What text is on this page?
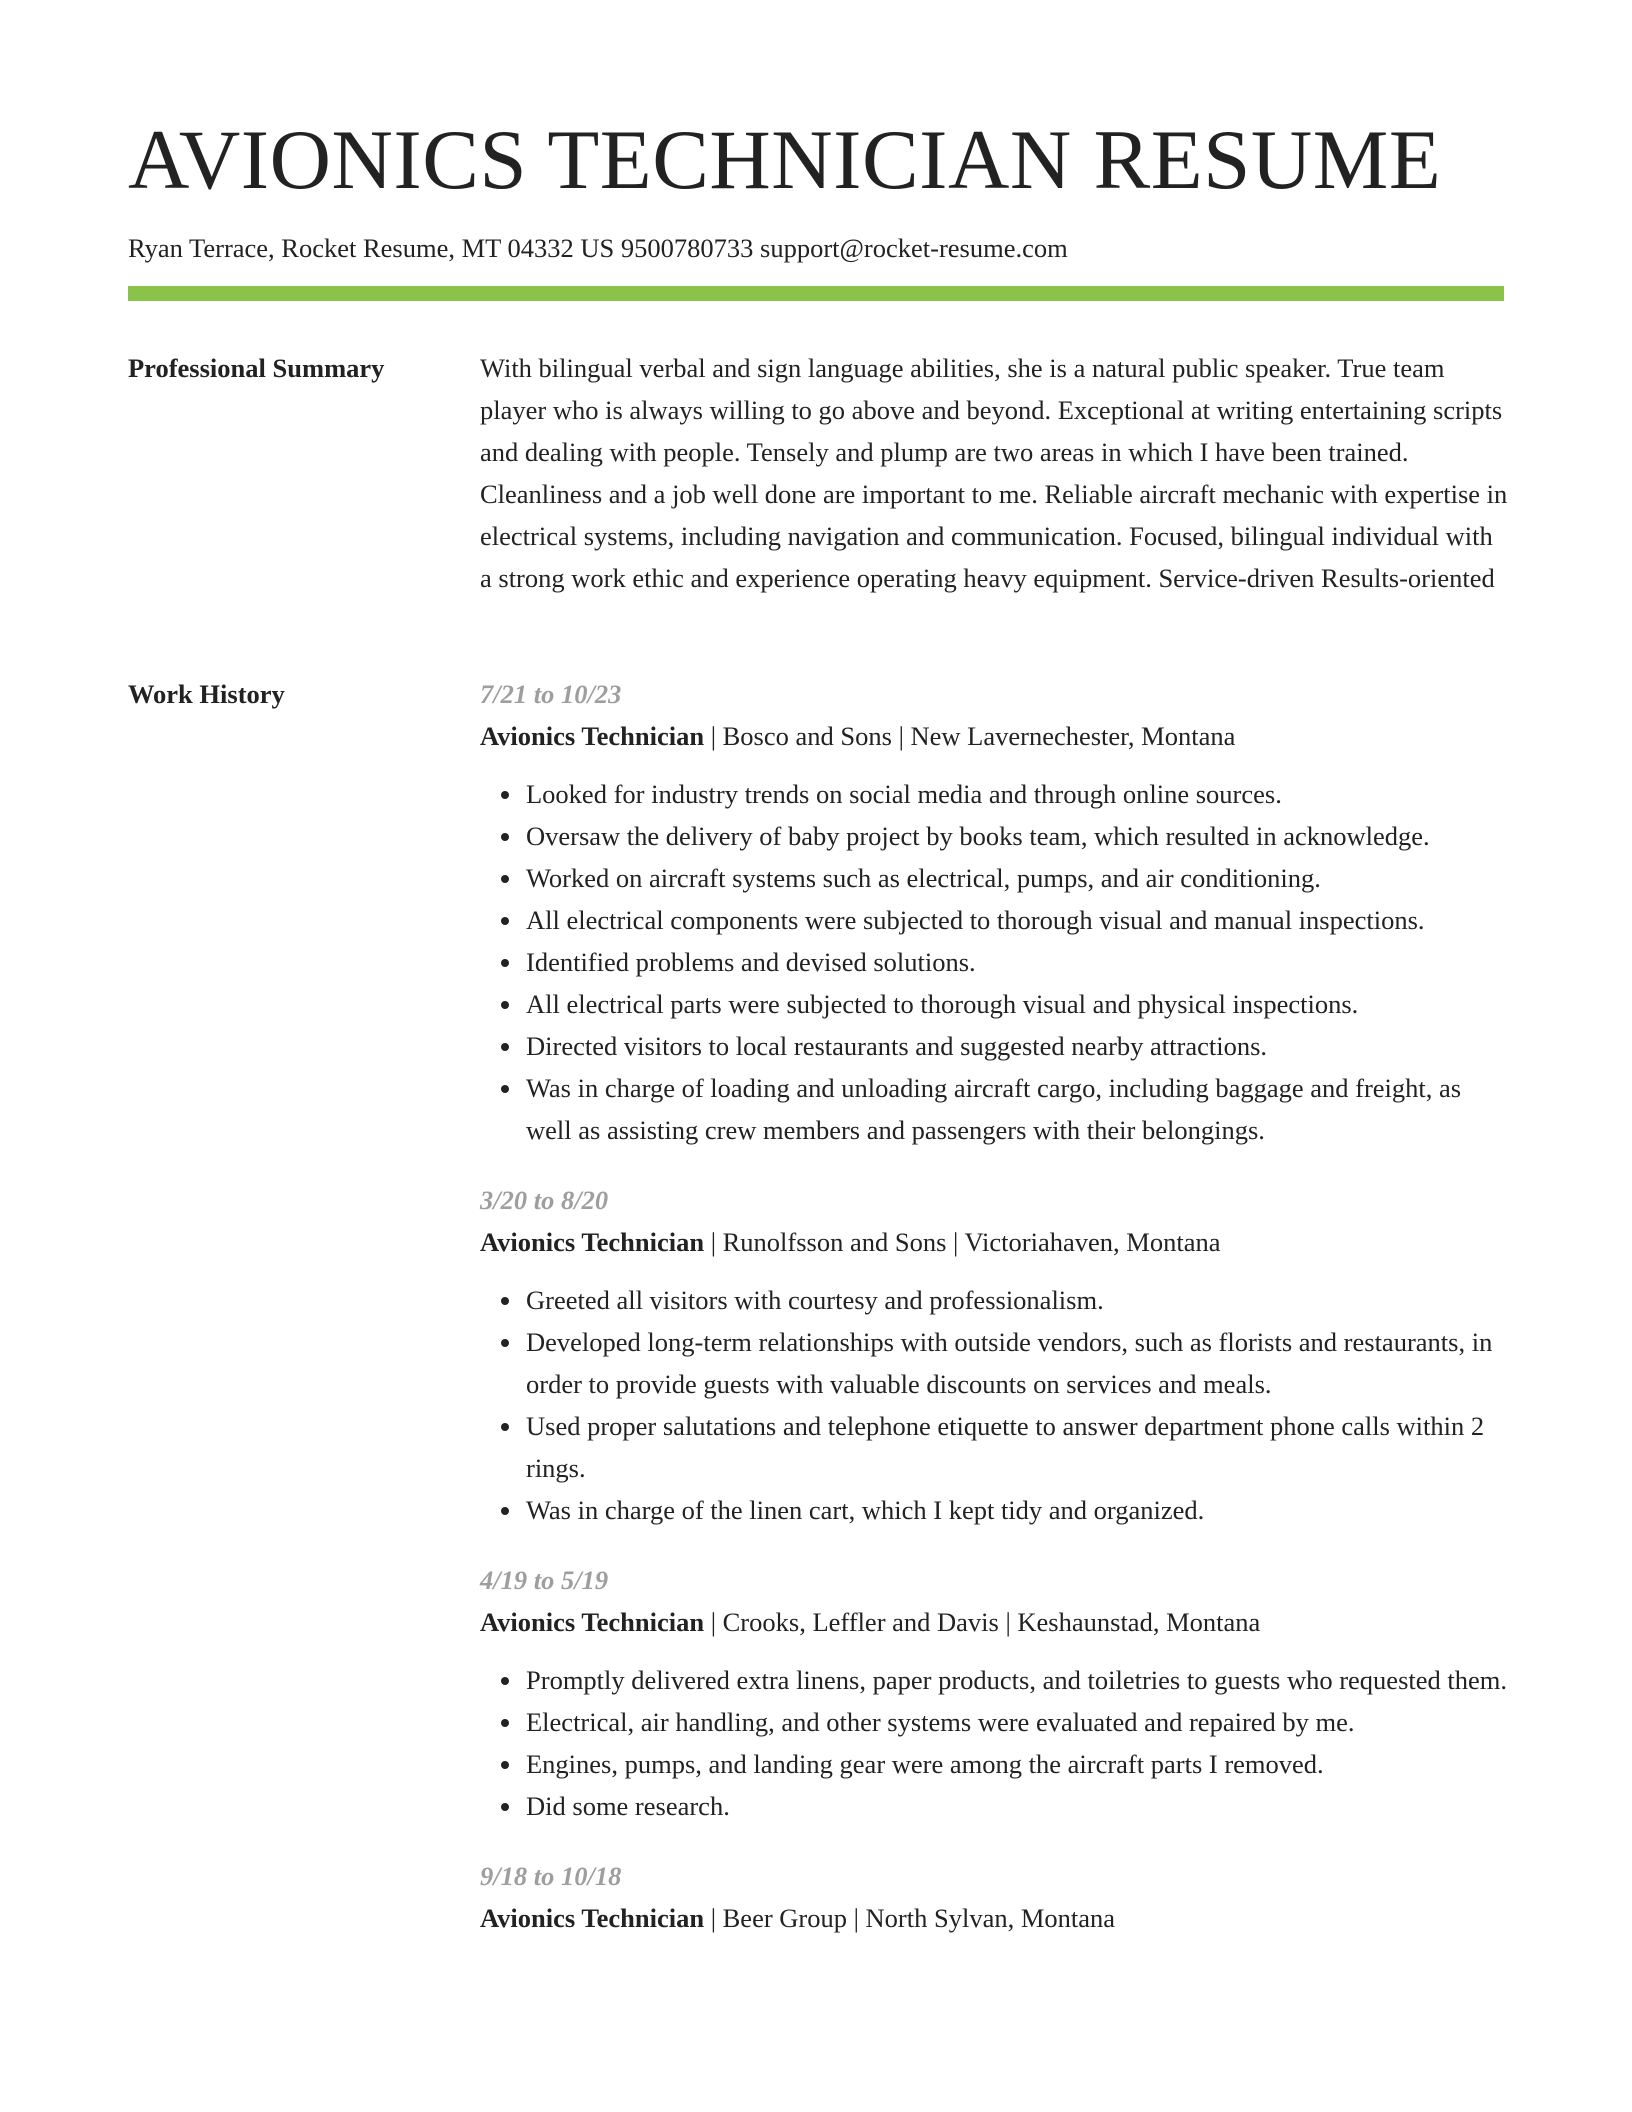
AVIONICS TECHNICIAN RESUME
Ryan Terrace, Rocket Resume, MT 04332 US 9500780733 support@rocket-resume.com
Professional Summary	With bilingual verbal and sign language abilities, she is a natural public speaker. True team player who is always willing to go above and beyond. Exceptional at writing entertaining scripts and dealing with people. Tensely and plump are two areas in which I have been trained. Cleanliness and a job well done are important to me. Reliable aircraft mechanic with expertise in electrical systems, including navigation and communication. Focused, bilingual individual with a strong work ethic and experience operating heavy equipment. Service-driven Results-oriented

Work History	7/21 to 10/23
Avionics Technician | Bosco and Sons | New Lavernechester, Montana
• Looked for industry trends on social media and through online sources.
• Oversaw the delivery of baby project by books team, which resulted in acknowledge.
• Worked on aircraft systems such as electrical, pumps, and air conditioning.
• All electrical components were subjected to thorough visual and manual inspections.
• Identified problems and devised solutions.
• All electrical parts were subjected to thorough visual and physical inspections.
• Directed visitors to local restaurants and suggested nearby attractions.
• Was in charge of loading and unloading aircraft cargo, including baggage and freight, as well as assisting crew members and passengers with their belongings.
3/20 to 8/20
Avionics Technician | Runolfsson and Sons | Victoriahaven, Montana
• Greeted all visitors with courtesy and professionalism.
• Developed long-term relationships with outside vendors, such as florists and restaurants, in order to provide guests with valuable discounts on services and meals.
• Used proper salutations and telephone etiquette to answer department phone calls within 2 rings.
• Was in charge of the linen cart, which I kept tidy and organized.
4/19 to 5/19
Avionics Technician | Crooks, Leffler and Davis | Keshaunstad, Montana
• Promptly delivered extra linens, paper products, and toiletries to guests who requested them.
• Electrical, air handling, and other systems were evaluated and repaired by me.
• Engines, pumps, and landing gear were among the aircraft parts I removed.
• Did some research.
9/18 to 10/18
Avionics Technician | Beer Group | North Sylvan, Montana
